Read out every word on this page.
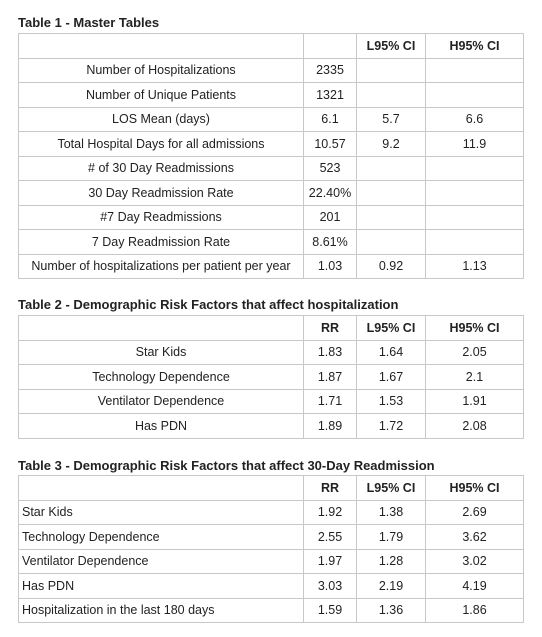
Table 1 - Master Tables
		L95% CI	H95% CI
Number of Hospitalizations	2335		
Number of Unique Patients	1321		
LOS Mean (days)	6.1	5.7	6.6
Total Hospital Days for all admissions	10.57	9.2	11.9
# of 30 Day Readmissions	523		
30 Day Readmission Rate	22.40%		
#7 Day Readmissions	201		
7 Day Readmission Rate	8.61%		
Number of hospitalizations per patient per year	1.03	0.92	1.13
Table 2 - Demographic Risk Factors that affect hospitalization
	RR	L95% CI	H95% CI
Star Kids	1.83	1.64	2.05
Technology Dependence	1.87	1.67	2.1
Ventilator Dependence	1.71	1.53	1.91
Has PDN	1.89	1.72	2.08
Table 3 - Demographic Risk Factors that affect 30-Day Readmission
	RR	L95% CI	H95% CI
Star Kids	1.92	1.38	2.69
Technology Dependence	2.55	1.79	3.62
Ventilator Dependence	1.97	1.28	3.02
Has PDN	3.03	2.19	4.19
Hospitalization in the last 180 days	1.59	1.36	1.86
